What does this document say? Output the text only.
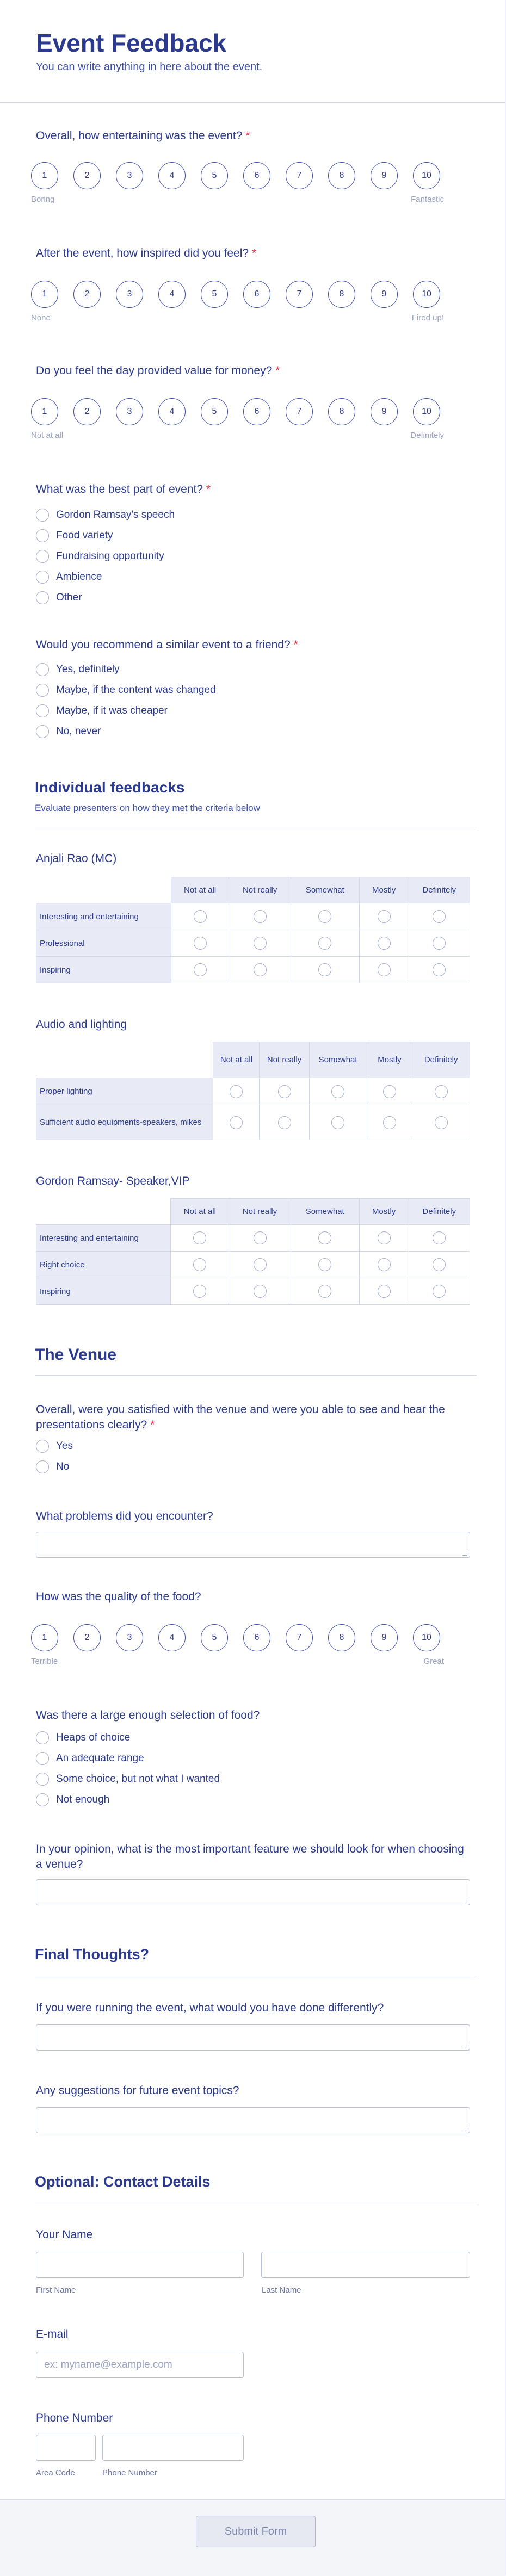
Event Feedback
You can write anything in here about the event.
Overall, how entertaining was the event? *
1	2	3	4	5	6	7	8	9	10
Boring	Fantastic
After the event, how inspired did you feel? *
1	2	3	4	5	6	7	8	9	10
None	Fired up!
Do you feel the day provided value for money? *
1	2	3	4	5	6	7	8	9	10
Not at all	Definitely
What was the best part of event? *
Gordon Ramsay's speech
Food variety
Fundraising opportunity
Ambience
Other
Would you recommend a similar event to a friend? *
Yes, definitely
Maybe, if the content was changed
Maybe, if it was cheaper
No, never
Individual feedbacks
Evaluate presenters on how they met the criteria below
Anjali Rao (MC)
	Not at all	Not really	Somewhat	Mostly	Definitely
Interesting and entertaining					
Professional					
Inspiring					
Audio and lighting
	Not at all	Not really	Somewhat	Mostly	Definitely
Proper lighting					
Sufficient audio equipments-speakers, mikes					
Gordon Ramsay- Speaker,VIP
	Not at all	Not really	Somewhat	Mostly	Definitely
Interesting and entertaining					
Right choice					
Inspiring					
The Venue
Overall, were you satisfied with the venue and were you able to see and hear the presentations clearly? *
Yes
No
What problems did you encounter?
How was the quality of the food?
1	2	3	4	5	6	7	8	9	10
Terrible	Great
Was there a large enough selection of food?
Heaps of choice
An adequate range
Some choice, but not what I wanted
Not enough
In your opinion, what is the most important feature we should look for when choosing a venue?
Final Thoughts?
If you were running the event, what would you have done differently?
Any suggestions for future event topics?
Optional: Contact Details
Your Name
First Name	Last Name
E-mail
ex: myname@example.com
Phone Number
Area Code	Phone Number
Submit Form
